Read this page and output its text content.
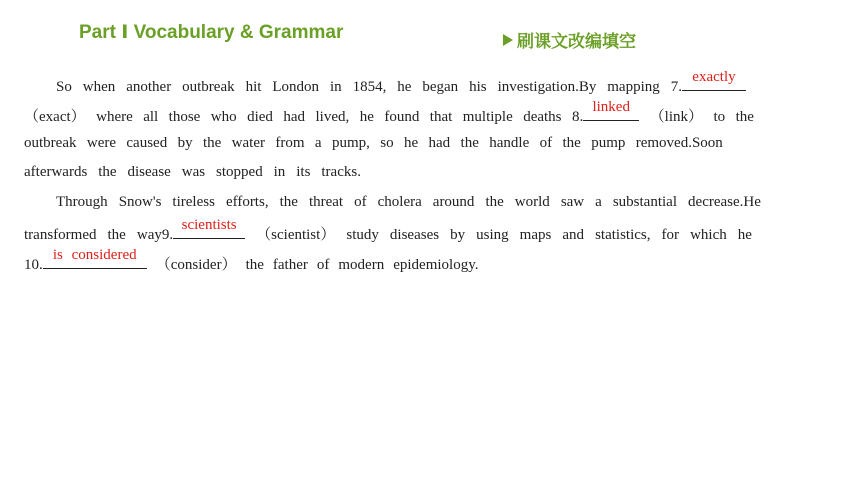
Part Ⅰ Vocabulary & Grammar	刷课文改编填空
So when another outbreak hit London in 1854, he began his investigation.By mapping 7.
exactly
（exact） where all those who died had lived, he found that multiple deaths 8.
linked
（link） to the
outbreak were caused by the water from a pump, so he had the handle of the pump removed.Soon
afterwards the disease was stopped in its tracks.
Through Snow's tireless efforts, the threat of cholera around the world saw a substantial decrease.He
transformed the way9.
scientists
（scientist） study diseases by using maps and statistics, for which he
10.
is considered
（consider） the father of modern epidemiology.
